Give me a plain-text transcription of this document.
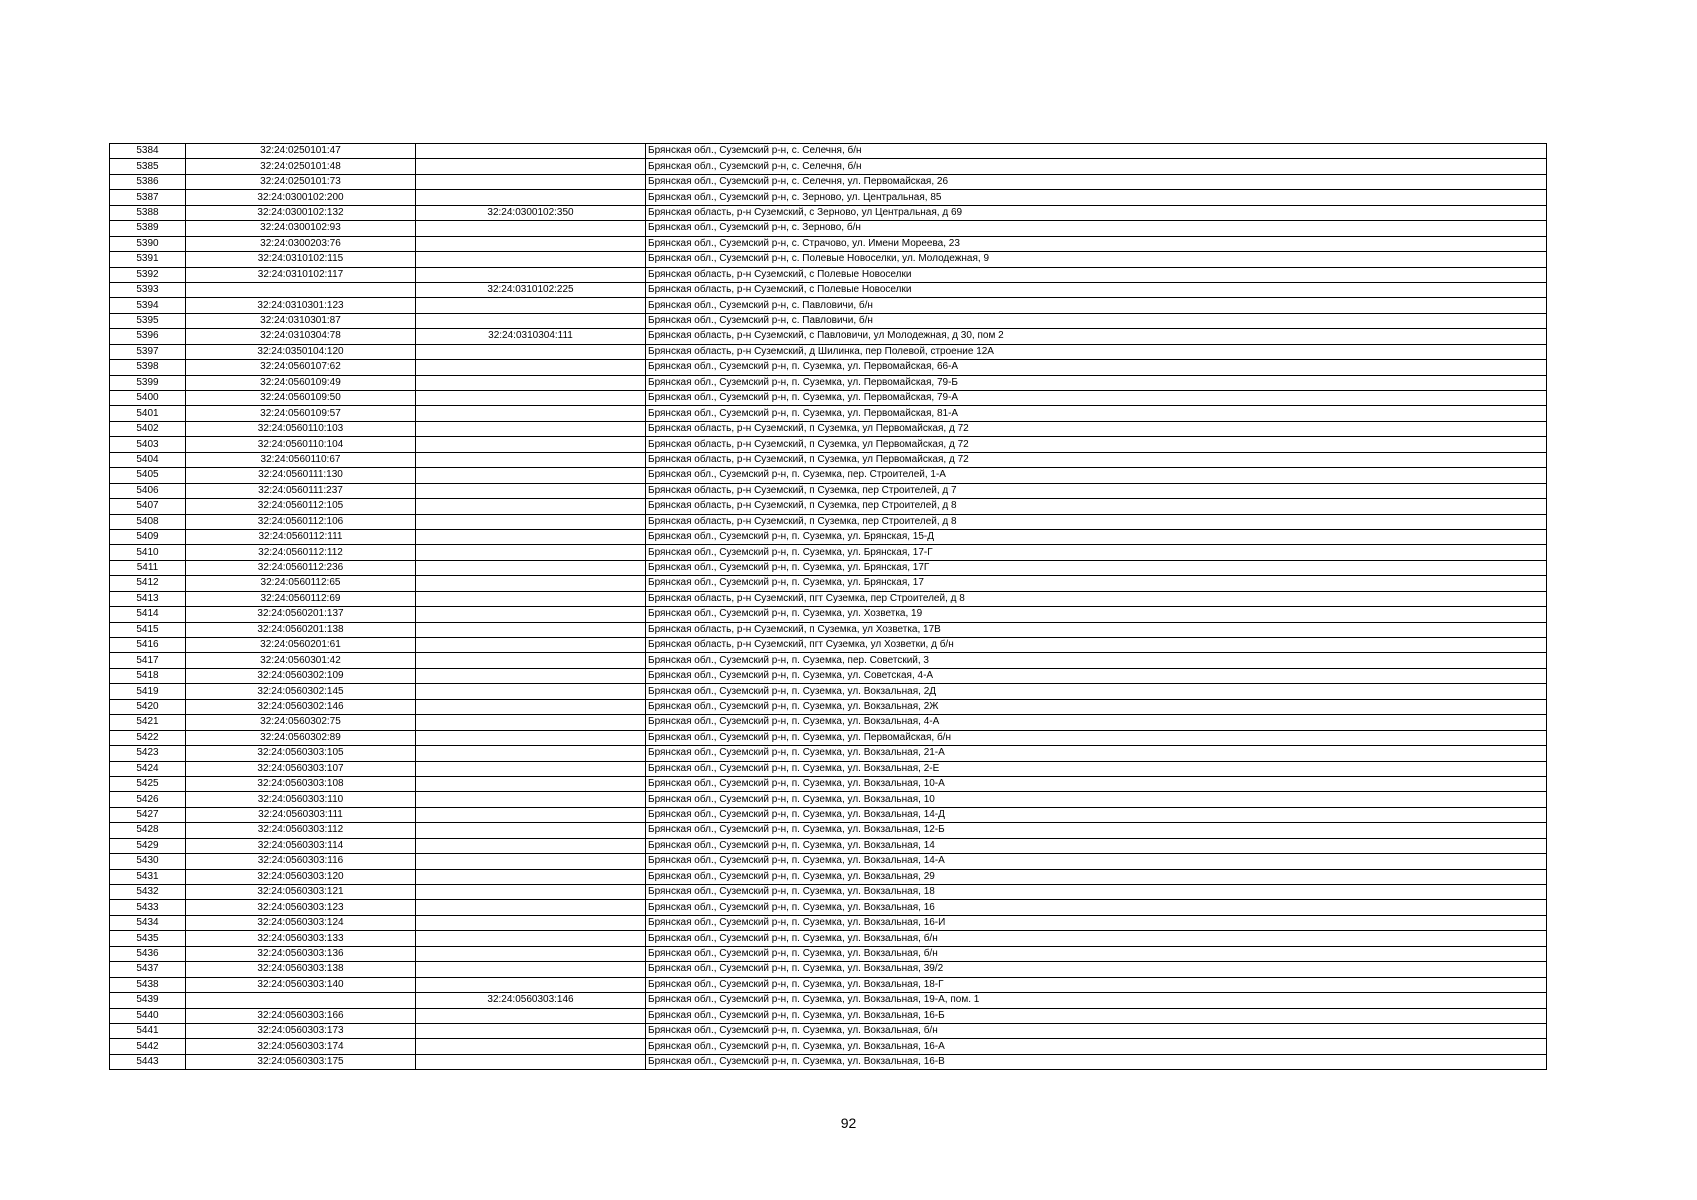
5384	32:24:0250101:47		Брянская обл., Суземский р-н, с. Селечня, б/н
5385	32:24:0250101:48		Брянская обл., Суземский р-н, с. Селечня, б/н
5386	32:24:0250101:73		Брянская обл., Суземский р-н, с. Селечня, ул. Первомайская, 26
5387	32:24:0300102:200		Брянская обл., Суземский р-н, с. Зерново, ул. Центральная, 85
5388	32:24:0300102:132	32:24:0300102:350	Брянская область, р-н Суземский, с Зерново, ул Центральная, д 69
5389	32:24:0300102:93		Брянская обл., Суземский р-н, с. Зерново, б/н
5390	32:24:0300203:76		Брянская обл., Суземский р-н, с. Страчово, ул. Имени Мореева, 23
5391	32:24:0310102:115		Брянская обл., Суземский р-н, с. Полевые Новоселки, ул. Молодежная, 9
5392	32:24:0310102:117		Брянская область, р-н Суземский, с Полевые Новоселки
5393		32:24:0310102:225	Брянская область, р-н Суземский, с Полевые Новоселки
5394	32:24:0310301:123		Брянская обл., Суземский р-н, с. Павловичи, б/н
5395	32:24:0310301:87		Брянская обл., Суземский р-н, с. Павловичи, б/н
5396	32:24:0310304:78	32:24:0310304:111	Брянская область, р-н Суземский, с Павловичи, ул Молодежная, д 30, пом 2
5397	32:24:0350104:120		Брянская область, р-н Суземский, д Шилинка, пер Полевой, строение 12А
5398	32:24:0560107:62		Брянская обл., Суземский р-н, п. Суземка, ул. Первомайская, 66-А
5399	32:24:0560109:49		Брянская обл., Суземский р-н, п. Суземка, ул. Первомайская, 79-Б
5400	32:24:0560109:50		Брянская обл., Суземский р-н, п. Суземка, ул. Первомайская, 79-А
5401	32:24:0560109:57		Брянская обл., Суземский р-н, п. Суземка, ул. Первомайская, 81-А
5402	32:24:0560110:103		Брянская область, р-н Суземский, п Суземка, ул Первомайская, д 72
5403	32:24:0560110:104		Брянская область, р-н Суземский, п Суземка, ул Первомайская, д 72
5404	32:24:0560110:67		Брянская область, р-н Суземский, п Суземка, ул Первомайская, д 72
5405	32:24:0560111:130		Брянская обл., Суземский р-н, п. Суземка, пер. Строителей, 1-А
5406	32:24:0560111:237		Брянская область, р-н Суземский, п Суземка, пер Строителей, д 7
5407	32:24:0560112:105		Брянская область, р-н Суземский, п Суземка, пер Строителей, д 8
5408	32:24:0560112:106		Брянская область, р-н Суземский, п Суземка, пер Строителей, д 8
5409	32:24:0560112:111		Брянская обл., Суземский р-н, п. Суземка, ул. Брянская, 15-Д
5410	32:24:0560112:112		Брянская обл., Суземский р-н, п. Суземка, ул. Брянская, 17-Г
5411	32:24:0560112:236		Брянская обл., Суземский р-н, п. Суземка, ул. Брянская, 17Г
5412	32:24:0560112:65		Брянская обл., Суземский р-н, п. Суземка, ул. Брянская, 17
5413	32:24:0560112:69		Брянская область, р-н Суземский, пгт Суземка, пер Строителей, д 8
5414	32:24:0560201:137		Брянская обл., Суземский р-н, п. Суземка, ул. Хозветка, 19
5415	32:24:0560201:138		Брянская область, р-н Суземский, п Суземка, ул Хозветка, 17В
5416	32:24:0560201:61		Брянская область, р-н Суземский, пгт Суземка, ул Хозветки, д б/н
5417	32:24:0560301:42		Брянская обл., Суземский р-н, п. Суземка, пер. Советский, 3
5418	32:24:0560302:109		Брянская обл., Суземский р-н, п. Суземка, ул. Советская, 4-А
5419	32:24:0560302:145		Брянская обл., Суземский р-н, п. Суземка, ул. Вокзальная, 2Д
5420	32:24:0560302:146		Брянская обл., Суземский р-н, п. Суземка, ул. Вокзальная, 2Ж
5421	32:24:0560302:75		Брянская обл., Суземский р-н, п. Суземка, ул. Вокзальная, 4-А
5422	32:24:0560302:89		Брянская обл., Суземский р-н, п. Суземка, ул. Первомайская, б/н
5423	32:24:0560303:105		Брянская обл., Суземский р-н, п. Суземка, ул. Вокзальная, 21-А
5424	32:24:0560303:107		Брянская обл., Суземский р-н, п. Суземка, ул. Вокзальная, 2-Е
5425	32:24:0560303:108		Брянская обл., Суземский р-н, п. Суземка, ул. Вокзальная, 10-А
5426	32:24:0560303:110		Брянская обл., Суземский р-н, п. Суземка, ул. Вокзальная, 10
5427	32:24:0560303:111		Брянская обл., Суземский р-н, п. Суземка, ул. Вокзальная, 14-Д
5428	32:24:0560303:112		Брянская обл., Суземский р-н, п. Суземка, ул. Вокзальная, 12-Б
5429	32:24:0560303:114		Брянская обл., Суземский р-н, п. Суземка, ул. Вокзальная, 14
5430	32:24:0560303:116		Брянская обл., Суземский р-н, п. Суземка, ул. Вокзальная, 14-А
5431	32:24:0560303:120		Брянская обл., Суземский р-н, п. Суземка, ул. Вокзальная, 29
5432	32:24:0560303:121		Брянская обл., Суземский р-н, п. Суземка, ул. Вокзальная, 18
5433	32:24:0560303:123		Брянская обл., Суземский р-н, п. Суземка, ул. Вокзальная, 16
5434	32:24:0560303:124		Брянская обл., Суземский р-н, п. Суземка, ул. Вокзальная, 16-И
5435	32:24:0560303:133		Брянская обл., Суземский р-н, п. Суземка, ул. Вокзальная, б/н
5436	32:24:0560303:136		Брянская обл., Суземский р-н, п. Суземка, ул. Вокзальная, б/н
5437	32:24:0560303:138		Брянская обл., Суземский р-н, п. Суземка, ул. Вокзальная, 39/2
5438	32:24:0560303:140		Брянская обл., Суземский р-н, п. Суземка, ул. Вокзальная, 18-Г
5439		32:24:0560303:146	Брянская обл., Суземский р-н, п. Суземка, ул. Вокзальная, 19-А, пом. 1
5440	32:24:0560303:166		Брянская обл., Суземский р-н, п. Суземка, ул. Вокзальная, 16-Б
5441	32:24:0560303:173		Брянская обл., Суземский р-н, п. Суземка, ул. Вокзальная, б/н
5442	32:24:0560303:174		Брянская обл., Суземский р-н, п. Суземка, ул. Вокзальная, 16-А
5443	32:24:0560303:175		Брянская обл., Суземский р-н, п. Суземка, ул. Вокзальная, 16-В
92
